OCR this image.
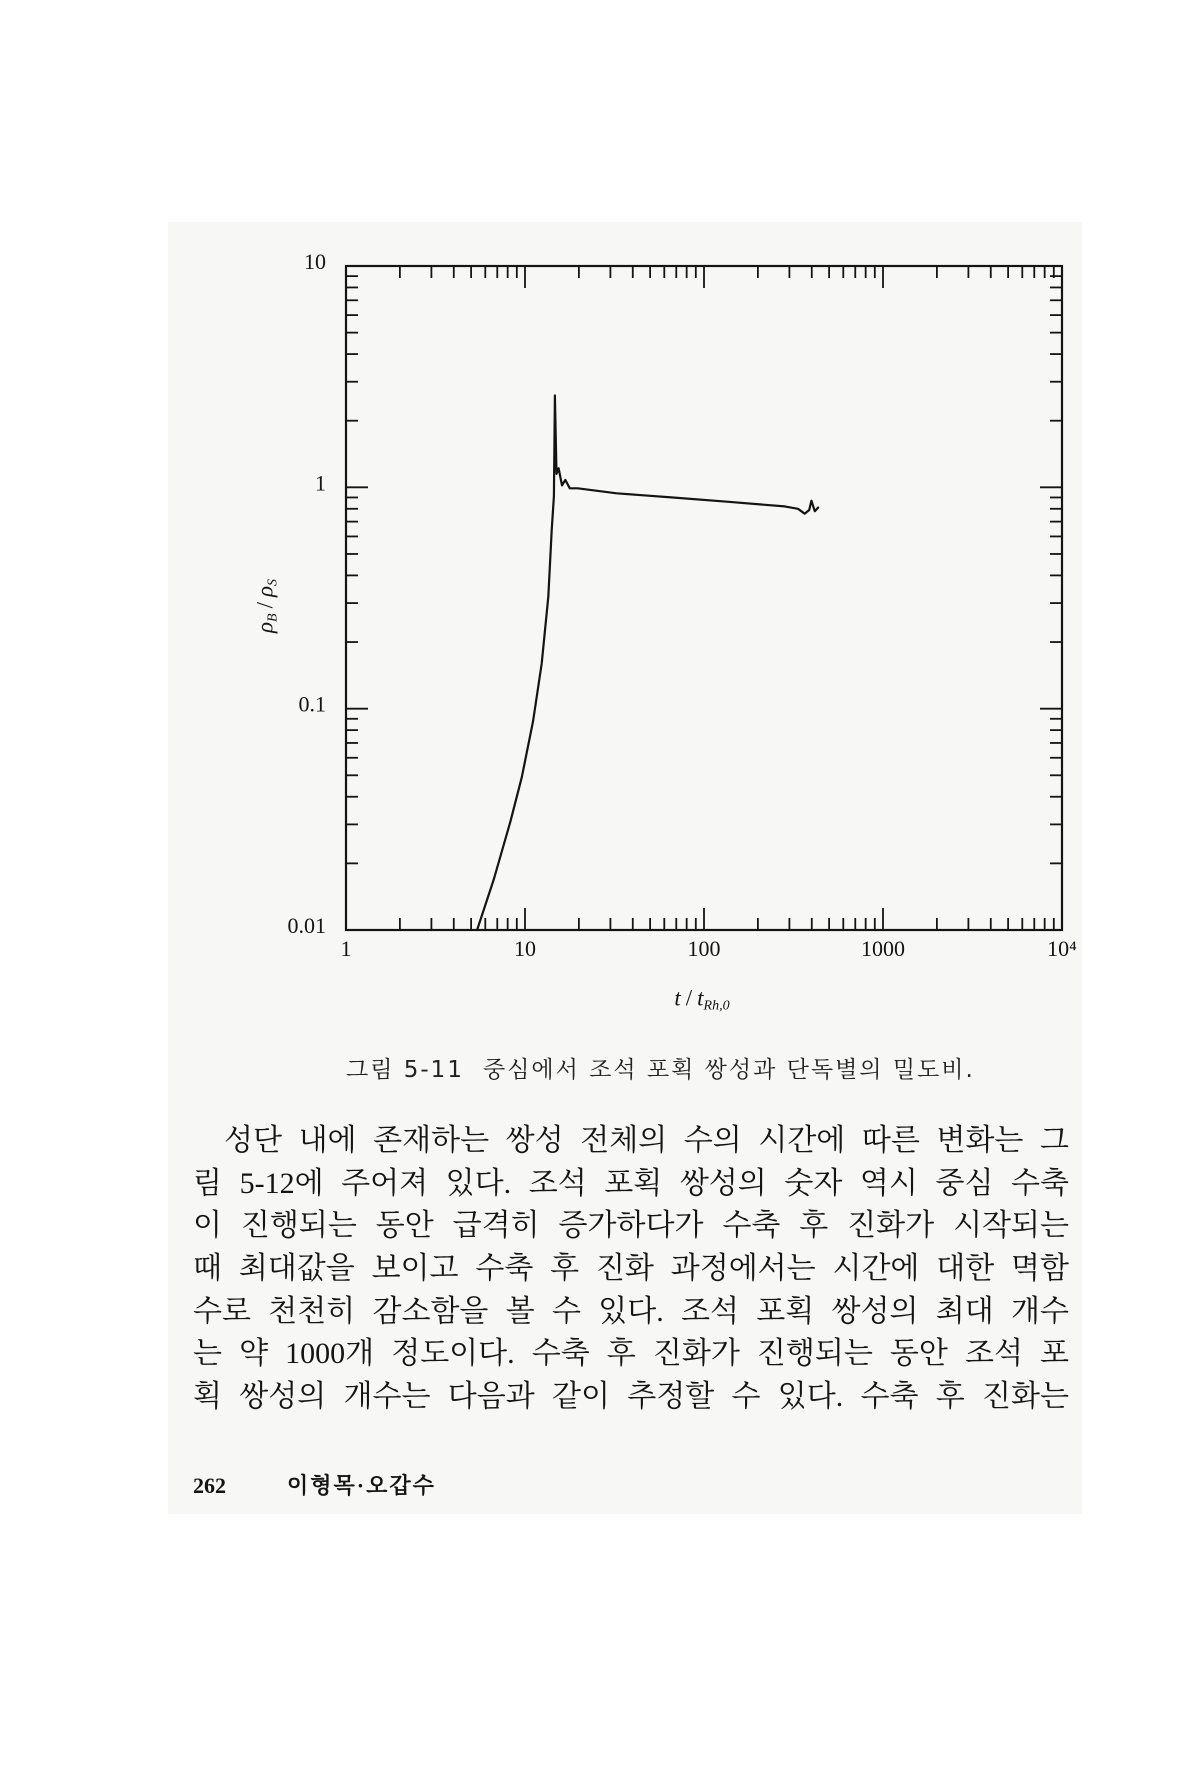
1	10	100	1000	10⁴
10
1
0.1
0.01
$\rho_B/\rho_S$
t / $t_{Rh,0}$
그림 5-11 중심에서 조석 포획 쌍성과 단독별의 밀도비.
성단 내에 존재하는 쌍성 전체의 수의 시간에 따른 변화는 그
림 5-12에 주어져 있다. 조석 포획 쌍성의 숫자 역시 중심 수축
이 진행되는 동안 급격히 증가하다가 수축 후 진화가 시작되는
때 최대값을 보이고 수축 후 진화 과정에서는 시간에 대한 멱함
수로 천천히 감소함을 볼 수 있다. 조석 포획 쌍성의 최대 개수
는 약 1000개 정도이다. 수축 후 진화가 진행되는 동안 조석 포
획 쌍성의 개수는 다음과 같이 추정할 수 있다. 수축 후 진화는
262	이형목·오갑수
